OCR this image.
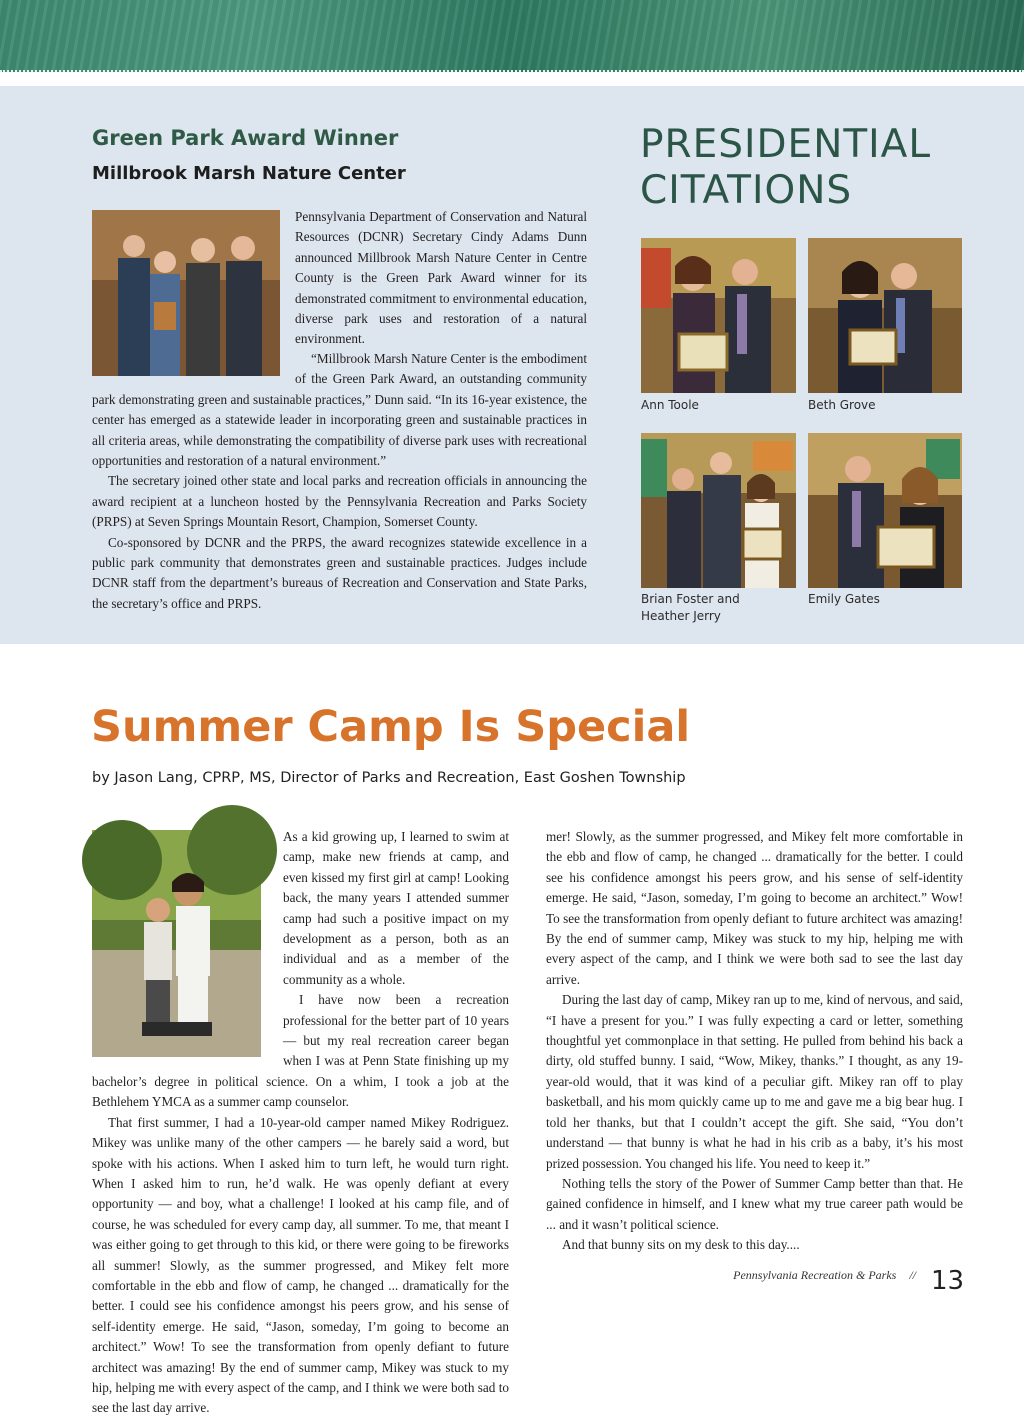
Green Park Award Winner
Millbrook Marsh Nature Center

Pennsylvania Department of Conservation and Natural Resources (DCNR) Secretary Cindy Adams Dunn announced Millbrook Marsh Nature Center in Centre County is the Green Park Award winner for its demonstrated commitment to environmental education, diverse park uses and restoration of a natural environment.

“Millbrook Marsh Nature Center is the embodiment of the Green Park Award, an outstanding community park demonstrating green and sustainable practices,” Dunn said. “In its 16-year existence, the center has emerged as a statewide leader in incorporating green and sustainable practices in all criteria areas, while demonstrating the compatibility of diverse park uses with recreational opportunities and restoration of a natural environment.”

The secretary joined other state and local parks and recreation officials in announcing the award recipient at a luncheon hosted by the Pennsylvania Recreation and Parks Society (PRPS) at Seven Springs Mountain Resort, Champion, Somerset County.

Co-sponsored by DCNR and the PRPS, the award recognizes statewide excellence in a public park community that demonstrates green and sustainable practices. Judges include DCNR staff from the department’s bureaus of Recreation and Conservation and State Parks, the secretary’s office and PRPS.

PRESIDENTIAL
CITATIONS
Ann Toole	Beth Grove
Brian Foster and
Heather Jerry
Emily Gates
Summer Camp Is Special
by Jason Lang, CPRP, MS, Director of Parks and Recreation, East Goshen Township

As a kid growing up, I learned to swim at camp, make new friends at camp, and even kissed my first girl at camp! Looking back, the many years I attended summer camp had such a positive impact on my development as a person, both as an individual and as a member of the community as a whole.

I have now been a recreation professional for the better part of 10 years — but my real recreation career began when I was at Penn State finishing up my bachelor’s degree in political science. On a whim, I took a job at the Bethlehem YMCA as a summer camp counselor.

That first summer, I had a 10-year-old camper named Mikey Rodriguez. Mikey was unlike many of the other campers — he barely said a word, but spoke with his actions. When I asked him to turn left, he would turn right. When I asked him to run, he’d walk. He was openly defiant at every opportunity — and boy, what a challenge! I looked at his camp file, and of course, he was scheduled for every camp day, all summer. To me, that meant I was either going to get through to this kid, or there were going to be fireworks all summer! Slowly, as the summer progressed, and Mikey felt more comfortable in the ebb and flow of camp, he changed ... dramatically for the better. I could see his confidence amongst his peers grow, and his sense of self-identity emerge. He said, “Jason, someday, I’m going to become an architect.” Wow! To see the transformation from openly defiant to future architect was amazing! By the end of summer camp, Mikey was stuck to my hip, helping me with every aspect of the camp, and I think we were both sad to see the last day arrive.

mer! Slowly, as the summer progressed, and Mikey felt more comfortable in the ebb and flow of camp, he changed ... dramatically for the better. I could see his confidence amongst his peers grow, and his sense of self-identity emerge. He said, “Jason, someday, I’m going to become an architect.” Wow! To see the transformation from openly defiant to future architect was amazing! By the end of summer camp, Mikey was stuck to my hip, helping me with every aspect of the camp, and I think we were both sad to see the last day arrive.

During the last day of camp, Mikey ran up to me, kind of nervous, and said, “I have a present for you.” I was fully expecting a card or letter, something thoughtful yet commonplace in that setting. He pulled from behind his back a dirty, old stuffed bunny. I said, “Wow, Mikey, thanks.” I thought, as any 19-year-old would, that it was kind of a peculiar gift. Mikey ran off to play basketball, and his mom quickly came up to me and gave me a big bear hug. I told her thanks, but that I couldn’t accept the gift. She said, “You don’t understand — that bunny is what he had in his crib as a baby, it’s his most prized possession. You changed his life. You need to keep it.”

Nothing tells the story of the Power of Summer Camp better than that. He gained confidence in himself, and I knew what my true career path would be ... and it wasn’t political science.

And that bunny sits on my desk to this day....

Pennsylvania Recreation & Parks // 13
